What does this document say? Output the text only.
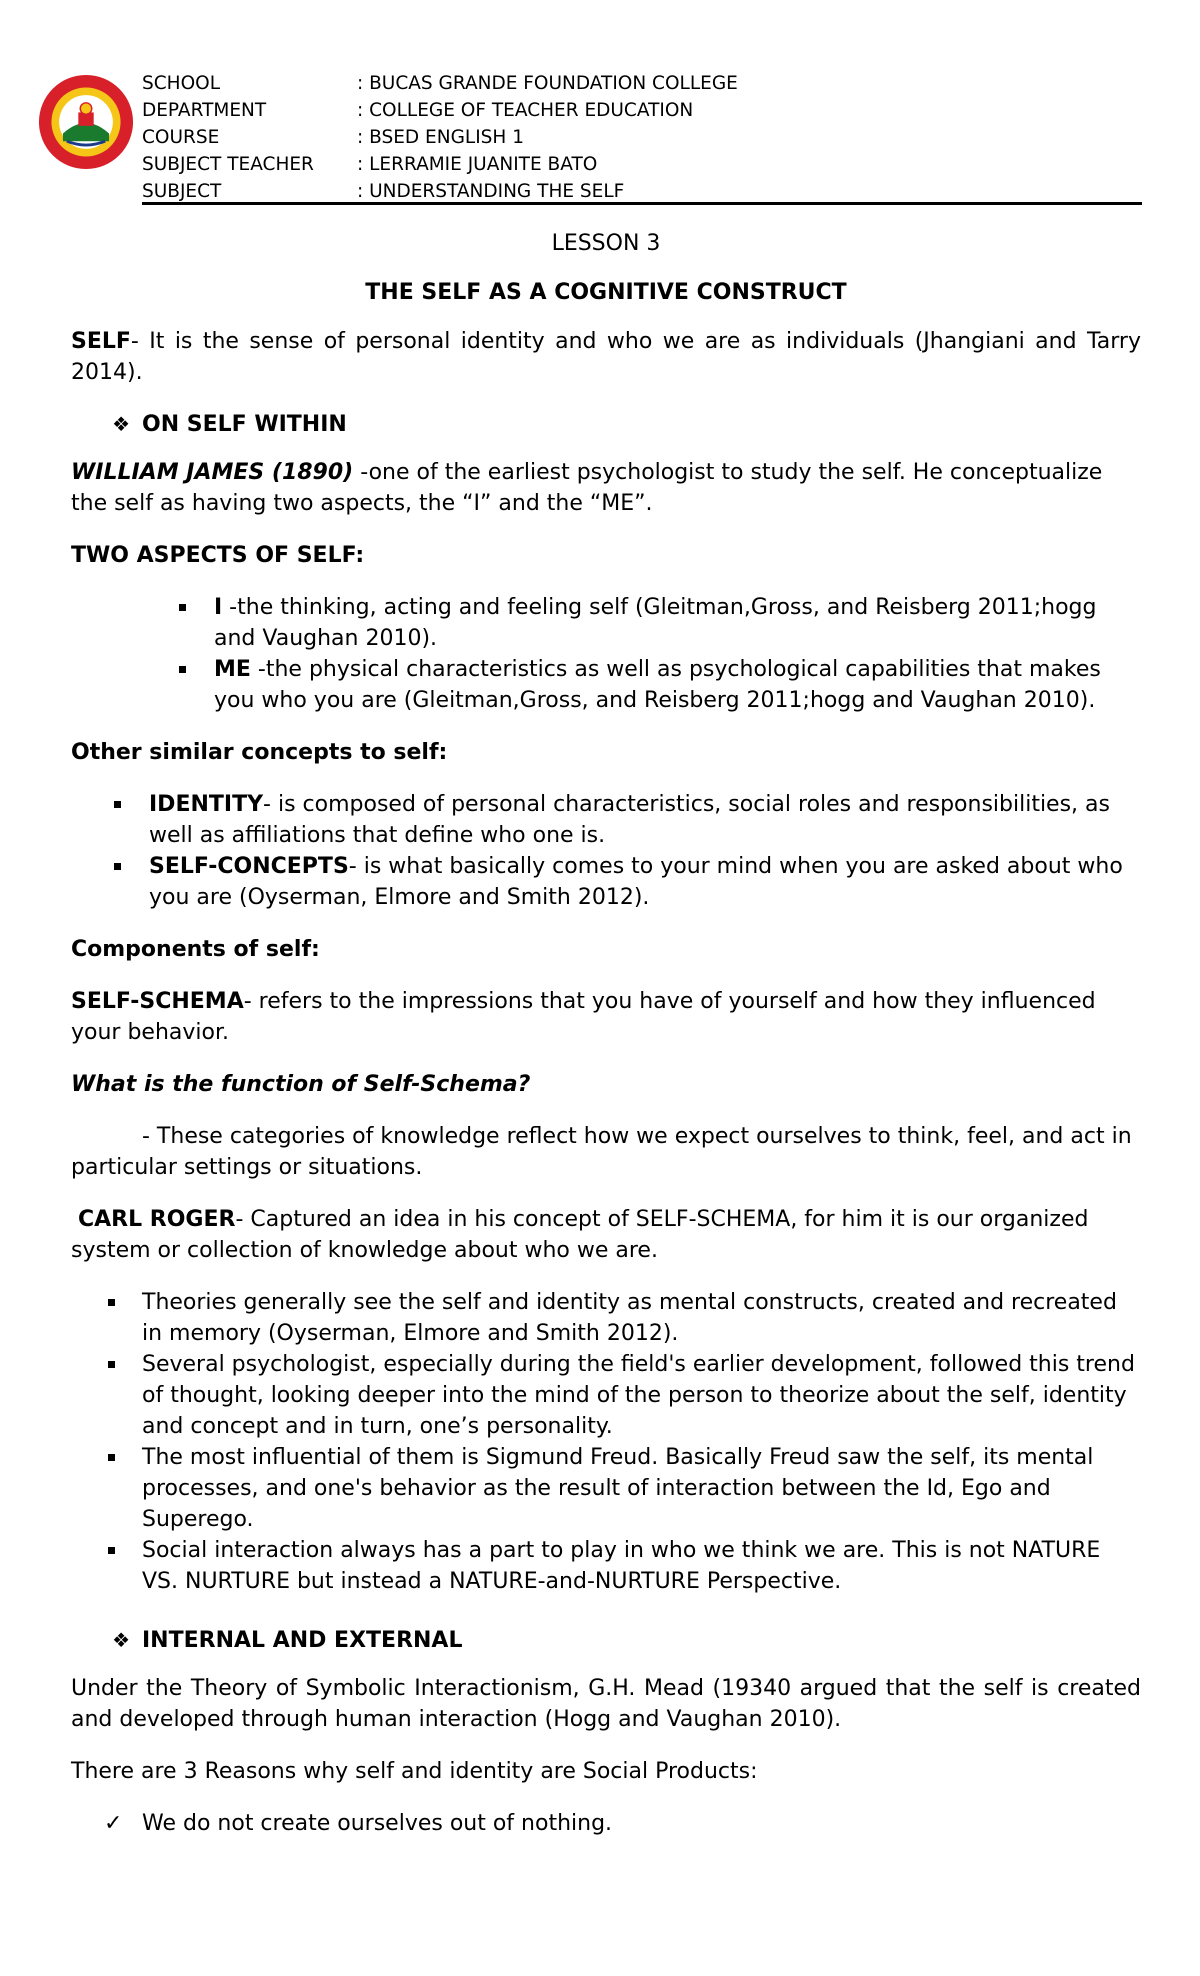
SCHOOL	: BUCAS GRANDE FOUNDATION COLLEGE
DEPARTMENT	: COLLEGE OF TEACHER EDUCATION
COURSE	: BSED ENGLISH 1
SUBJECT TEACHER	: LERRAMIE JUANITE BATO
SUBJECT	: UNDERSTANDING THE SELF
LESSON 3
THE SELF AS A COGNITIVE CONSTRUCT

SELF- It is the sense of personal identity and who we are as individuals (Jhangiani and Tarry 2014).

❖ ON SELF WITHIN

WILLIAM JAMES (1890) -one of the earliest psychologist to study the self. He conceptualize the self as having two aspects, the “I” and the “ME”.

TWO ASPECTS OF SELF:

I -the thinking, acting and feeling self (Gleitman,Gross, and Reisberg 2011;hogg and Vaughan 2010).
ME -the physical characteristics as well as psychological capabilities that makes you who you are (Gleitman,Gross, and Reisberg 2011;hogg and Vaughan 2010).

Other similar concepts to self:

IDENTITY- is composed of personal characteristics, social roles and responsibilities, as well as affiliations that define who one is.
SELF-CONCEPTS- is what basically comes to your mind when you are asked about who you are (Oyserman, Elmore and Smith 2012).

Components of self:

SELF-SCHEMA- refers to the impressions that you have of yourself and how they influenced your behavior.

What is the function of Self-Schema?

- These categories of knowledge reflect how we expect ourselves to think, feel, and act in particular settings or situations.

CARL ROGER- Captured an idea in his concept of SELF-SCHEMA, for him it is our organized system or collection of knowledge about who we are.

Theories generally see the self and identity as mental constructs, created and recreated in memory (Oyserman, Elmore and Smith 2012).
Several psychologist, especially during the field's earlier development, followed this trend of thought, looking deeper into the mind of the person to theorize about the self, identity and concept and in turn, one’s personality.
The most influential of them is Sigmund Freud. Basically Freud saw the self, its mental processes, and one's behavior as the result of interaction between the Id, Ego and Superego.
Social interaction always has a part to play in who we think we are. This is not NATURE VS. NURTURE but instead a NATURE-and-NURTURE Perspective.
❖ INTERNAL AND EXTERNAL

Under the Theory of Symbolic Interactionism, G.H. Mead (19340 argued that the self is created and developed through human interaction (Hogg and Vaughan 2010).

There are 3 Reasons why self and identity are Social Products:

✓ We do not create ourselves out of nothing.
